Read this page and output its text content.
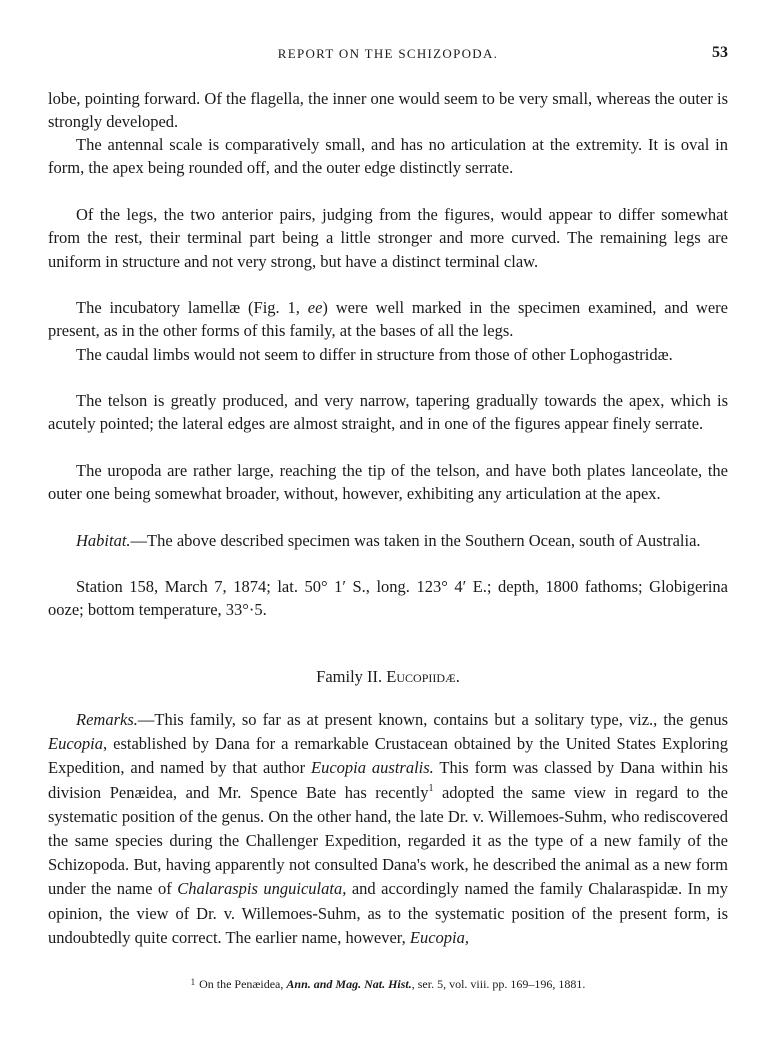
REPORT ON THE SCHIZOPODA.	53

lobe, pointing forward. Of the flagella, the inner one would seem to be very small, whereas the outer is strongly developed.

The antennal scale is comparatively small, and has no articulation at the extremity. It is oval in form, the apex being rounded off, and the outer edge distinctly serrate.

Of the legs, the two anterior pairs, judging from the figures, would appear to differ somewhat from the rest, their terminal part being a little stronger and more curved. The remaining legs are uniform in structure and not very strong, but have a distinct terminal claw.

The incubatory lamellæ (Fig. 1, ee) were well marked in the specimen examined, and were present, as in the other forms of this family, at the bases of all the legs.

The caudal limbs would not seem to differ in structure from those of other Lophogastridæ.

The telson is greatly produced, and very narrow, tapering gradually towards the apex, which is acutely pointed; the lateral edges are almost straight, and in one of the figures appear finely serrate.

The uropoda are rather large, reaching the tip of the telson, and have both plates lanceolate, the outer one being somewhat broader, without, however, exhibiting any articulation at the apex.

Habitat.—The above described specimen was taken in the Southern Ocean, south of Australia.

Station 158, March 7, 1874; lat. 50° 1′ S., long. 123° 4′ E.; depth, 1800 fathoms; Globigerina ooze; bottom temperature, 33°·5.

Family II. Eucopiidæ.

Remarks.—This family, so far as at present known, contains but a solitary type, viz., the genus Eucopia, established by Dana for a remarkable Crustacean obtained by the United States Exploring Expedition, and named by that author Eucopia australis. This form was classed by Dana within his division Penæidea, and Mr. Spence Bate has recently$^1$ adopted the same view in regard to the systematic position of the genus. On the other hand, the late Dr. v. Willemoes-Suhm, who rediscovered the same species during the Challenger Expedition, regarded it as the type of a new family of the Schizopoda. But, having apparently not consulted Dana's work, he described the animal as a new form under the name of Chalaraspis unguiculata, and accordingly named the family Chalaraspidæ. In my opinion, the view of Dr. v. Willemoes-Suhm, as to the systematic position of the present form, is undoubtedly quite correct. The earlier name, however, Eucopia,

$^1$ On the Penæidea, Ann. and Mag. Nat. Hist., ser. 5, vol. viii. pp. 169–196, 1881.
